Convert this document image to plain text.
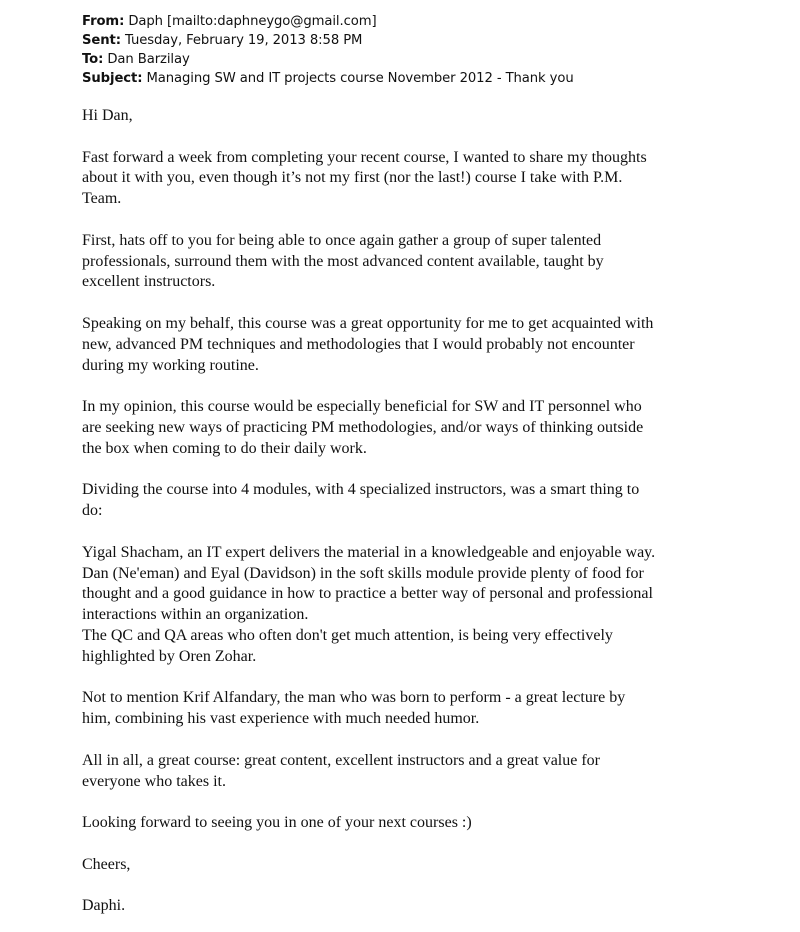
From: Daph [mailto:daphneygo@gmail.com]
Sent: Tuesday, February 19, 2013 8:58 PM
To: Dan Barzilay
Subject: Managing SW and IT projects course November 2012 - Thank you

Hi Dan,

Fast forward a week from completing your recent course, I wanted to share my thoughts
about it with you, even though it’s not my first (nor the last!) course I take with P.M.
Team.

First, hats off to you for being able to once again gather a group of super talented
professionals, surround them with the most advanced content available, taught by
excellent instructors.

Speaking on my behalf, this course was a great opportunity for me to get acquainted with
new, advanced PM techniques and methodologies that I would probably not encounter
during my working routine.

In my opinion, this course would be especially beneficial for SW and IT personnel who
are seeking new ways of practicing PM methodologies, and/or ways of thinking outside
the box when coming to do their daily work.

Dividing the course into 4 modules, with 4 specialized instructors, was a smart thing to
do:

Yigal Shacham, an IT expert delivers the material in a knowledgeable and enjoyable way.
Dan (Ne'eman) and Eyal (Davidson) in the soft skills module provide plenty of food for
thought and a good guidance in how to practice a better way of personal and professional
interactions within an organization.
The QC and QA areas who often don't get much attention, is being very effectively
highlighted by Oren Zohar.

Not to mention Krif Alfandary, the man who was born to perform - a great lecture by
him, combining his vast experience with much needed humor.

All in all, a great course: great content, excellent instructors and a great value for
everyone who takes it.

Looking forward to seeing you in one of your next courses :)

Cheers,

Daphi.
